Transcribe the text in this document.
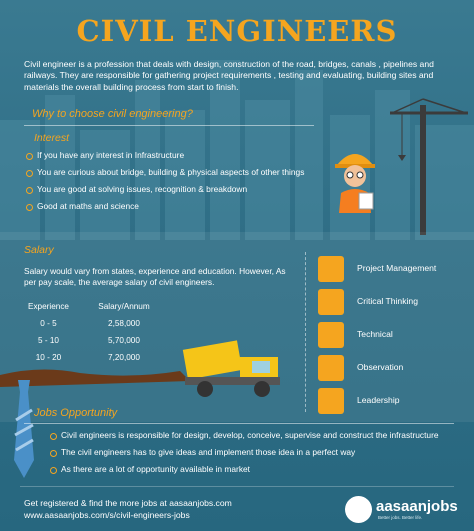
CIVIL ENGINEERS

Civil engineer is a profession that deals with design, construction of the road, bridges, canals , pipelines and railways. They are responsible for gathering project requirements , testing and evaluating, building sites and materials the overall building process from start to finish.

Why to choose civil engineering?
Interest
If you have any interest in Infrastructure
You are curious about bridge, building & physical aspects of other things
You are good at solving issues, recognition & breakdown
Good at maths and science
Salary

Salary would vary from states, experience and education. However, As per pay scale, the average salary of civil engineers.

Experience	Salary/Annum
0 - 5	2,58,000
5 - 10	5,70,000
10 - 20	7,20,000
Project Management
Critical Thinking
Technical
Observation
Leadership
Jobs Opportunity
Civil engineers is responsible for design, develop, conceive, supervise and construct the infrastructure
The civil engineers has to give ideas and implement those idea in a perfect way
As there are a lot of opportunity available in market
Get registered & find the more jobs at aasaanjobs.com
www.aasaanjobs.com/s/civil-engineers-jobs	aasaanjobs
Better jobs. Better life.
